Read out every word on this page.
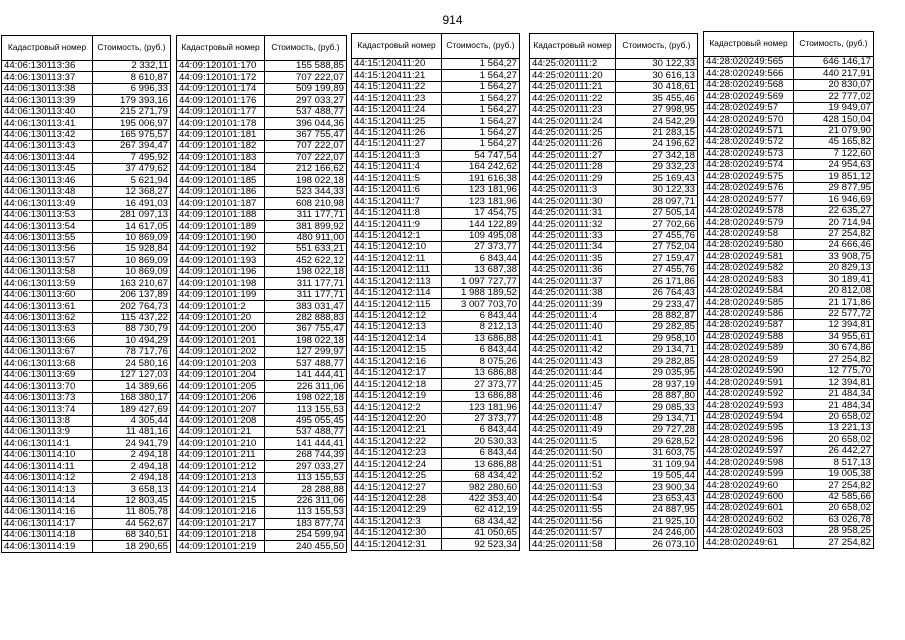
914
Кадастровый номер	Стоимость, (руб.)
44:06:130113:36	2 332,11
44:06:130113:37	8 610,87
44:06:130113:38	6 996,33
44:06:130113:39	179 393,16
44:06:130113:40	215 271,79
44:06:130113:41	195 006,97
44:06:130113:42	165 975,57
44:06:130113:43	267 394,47
44:06:130113:44	7 495,92
44:06:130113:45	37 479,62
44:06:130113:46	5 621,94
44:06:130113:48	12 368,27
44:06:130113:49	16 491,03
44:06:130113:53	281 097,13
44:06:130113:54	14 617,05
44:06:130113:55	10 869,09
44:06:130113:56	15 928,84
44:06:130113:57	10 869,09
44:06:130113:58	10 869,09
44:06:130113:59	163 210,67
44:06:130113:60	206 137,89
44:06:130113:61	202 764,73
44:06:130113:62	115 437,22
44:06:130113:63	88 730,79
44:06:130113:66	10 494,29
44:06:130113:67	78 717,76
44:06:130113:68	24 580,16
44:06:130113:69	127 127,03
44:06:130113:70	14 389,66
44:06:130113:73	168 380,17
44:06:130113:74	189 427,69
44:06:130113:8	4 305,44
44:06:130113:9	11 481,16
44:06:130114:1	24 941,79
44:06:130114:10	2 494,18
44:06:130114:11	2 494,18
44:06:130114:12	2 494,18
44:06:130114:13	3 658,13
44:06:130114:14	12 803,45
44:06:130114:16	11 805,78
44:06:130114:17	44 562,67
44:06:130114:18	68 340,51
44:06:130114:19	18 290,65
Кадастровый номер	Стоимость, (руб.)
44:09:120101:170	155 588,85
44:09:120101:172	707 222,07
44:09:120101:174	509 199,89
44:09:120101:176	297 033,27
44:09:120101:177	537 488,77
44:09:120101:178	396 044,36
44:09:120101:181	367 755,47
44:09:120101:182	707 222,07
44:09:120101:183	707 222,07
44:09:120101:184	212 166,62
44:09:120101:185	198 022,18
44:09:120101:186	523 344,33
44:09:120101:187	608 210,98
44:09:120101:188	311 177,71
44:09:120101:189	381 899,92
44:09:120101:190	480 911,00
44:09:120101:192	551 633,21
44:09:120101:193	452 622,12
44:09:120101:196	198 022,18
44:09:120101:198	311 177,71
44:09:120101:199	311 177,71
44:09:120101:2	383 031,47
44:09:120101:20	282 888,83
44:09:120101:200	367 755,47
44:09:120101:201	198 022,18
44:09:120101:202	127 299,97
44:09:120101:203	537 488,77
44:09:120101:204	141 444,41
44:09:120101:205	226 311,06
44:09:120101:206	198 022,18
44:09:120101:207	113 155,53
44:09:120101:208	495 055,45
44:09:120101:21	537 488,77
44:09:120101:210	141 444,41
44:09:120101:211	268 744,39
44:09:120101:212	297 033,27
44:09:120101:213	113 155,53
44:09:120101:214	28 288,88
44:09:120101:215	226 311,06
44:09:120101:216	113 155,53
44:09:120101:217	183 877,74
44:09:120101:218	254 599,94
44:09:120101:219	240 455,50
Кадастровый номер	Стоимость, (руб.)
44:15:120411:20	1 564,27
44:15:120411:21	1 564,27
44:15:120411:22	1 564,27
44:15:120411:23	1 564,27
44:15:120411:24	1 564,27
44:15:120411:25	1 564,27
44:15:120411:26	1 564,27
44:15:120411:27	1 564,27
44:15:120411:3	54 747,54
44:15:120411:4	164 242,62
44:15:120411:5	191 616,38
44:15:120411:6	123 181,96
44:15:120411:7	123 181,96
44:15:120411:8	17 454,75
44:15:120411:9	144 122,89
44:15:120412:1	109 495,08
44:15:120412:10	27 373,77
44:15:120412:11	6 843,44
44:15:120412:111	13 687,38
44:15:120412:113	1 097 727,77
44:15:120412:114	1 988 189,52
44:15:120412:115	3 007 703,70
44:15:120412:12	6 843,44
44:15:120412:13	8 212,13
44:15:120412:14	13 686,88
44:15:120412:15	6 843,44
44:15:120412:16	8 075,26
44:15:120412:17	13 686,88
44:15:120412:18	27 373,77
44:15:120412:19	13 686,88
44:15:120412:2	123 181,96
44:15:120412:20	27 373,77
44:15:120412:21	6 843,44
44:15:120412:22	20 530,33
44:15:120412:23	6 843,44
44:15:120412:24	13 686,88
44:15:120412:25	68 434,42
44:15:120412:27	982 280,60
44:15:120412:28	422 353,40
44:15:120412:29	62 412,19
44:15:120412:3	68 434,42
44:15:120412:30	41 050,65
44:15:120412:31	92 523,34
Кадастровый номер	Стоимость, (руб.)
44:25:020111:2	30 122,33
44:25:020111:20	30 616,13
44:25:020111:21	30 418,61
44:25:020111:22	35 455,46
44:25:020111:23	27 998,95
44:25:020111:24	24 542,29
44:25:020111:25	21 283,15
44:25:020111:26	24 196,62
44:25:020111:27	27 342,18
44:25:020111:28	29 332,23
44:25:020111:29	25 169,43
44:25:020111:3	30 122,33
44:25:020111:30	28 097,71
44:25:020111:31	27 505,14
44:25:020111:32	27 702,66
44:25:020111:33	27 455,76
44:25:020111:34	27 752,04
44:25:020111:35	27 159,47
44:25:020111:36	27 455,76
44:25:020111:37	26 171,86
44:25:020111:38	26 764,43
44:25:020111:39	29 233,47
44:25:020111:4	28 882,87
44:25:020111:40	29 282,85
44:25:020111:41	29 958,10
44:25:020111:42	29 134,71
44:25:020111:43	29 282,85
44:25:020111:44	29 035,95
44:25:020111:45	28 937,19
44:25:020111:46	28 887,80
44:25:020111:47	29 085,33
44:25:020111:48	29 134,71
44:25:020111:49	29 727,28
44:25:020111:5	29 628,52
44:25:020111:50	31 603,75
44:25:020111:51	31 109,94
44:25:020111:52	19 505,44
44:25:020111:53	23 900,34
44:25:020111:54	23 653,43
44:25:020111:55	24 887,95
44:25:020111:56	21 925,10
44:25:020111:57	24 246,00
44:25:020111:58	26 073,10
Кадастровый номер	Стоимость, (руб.)
44:28:020249:565	646 146,17
44:28:020249:566	440 217,91
44:28:020249:568	20 830,07
44:28:020249:569	22 777,02
44:28:020249:57	19 949,07
44:28:020249:570	428 150,04
44:28:020249:571	21 079,90
44:28:020249:572	45 165,82
44:28:020249:573	7 122,60
44:28:020249:574	24 954,63
44:28:020249:575	19 851,12
44:28:020249:576	29 877,95
44:28:020249:577	16 946,69
44:28:020249:578	22 635,27
44:28:020249:579	20 714,94
44:28:020249:58	27 254,82
44:28:020249:580	24 666,46
44:28:020249:581	33 908,75
44:28:020249:582	20 829,13
44:28:020249:583	30 189,41
44:28:020249:584	20 812,08
44:28:020249:585	21 171,86
44:28:020249:586	22 577,72
44:28:020249:587	12 394,81
44:28:020249:588	34 955,61
44:28:020249:589	30 674,86
44:28:020249:59	27 254,82
44:28:020249:590	12 775,70
44:28:020249:591	12 394,81
44:28:020249:592	21 484,34
44:28:020249:593	21 484,34
44:28:020249:594	20 658,02
44:28:020249:595	13 221,13
44:28:020249:596	20 658,02
44:28:020249:597	26 442,27
44:28:020249:598	8 517,13
44:28:020249:599	19 005,38
44:28:020249:60	27 254,82
44:28:020249:600	42 585,66
44:28:020249:601	20 658,02
44:28:020249:602	63 026,78
44:28:020249:603	28 958,25
44:28:020249:61	27 254,82
